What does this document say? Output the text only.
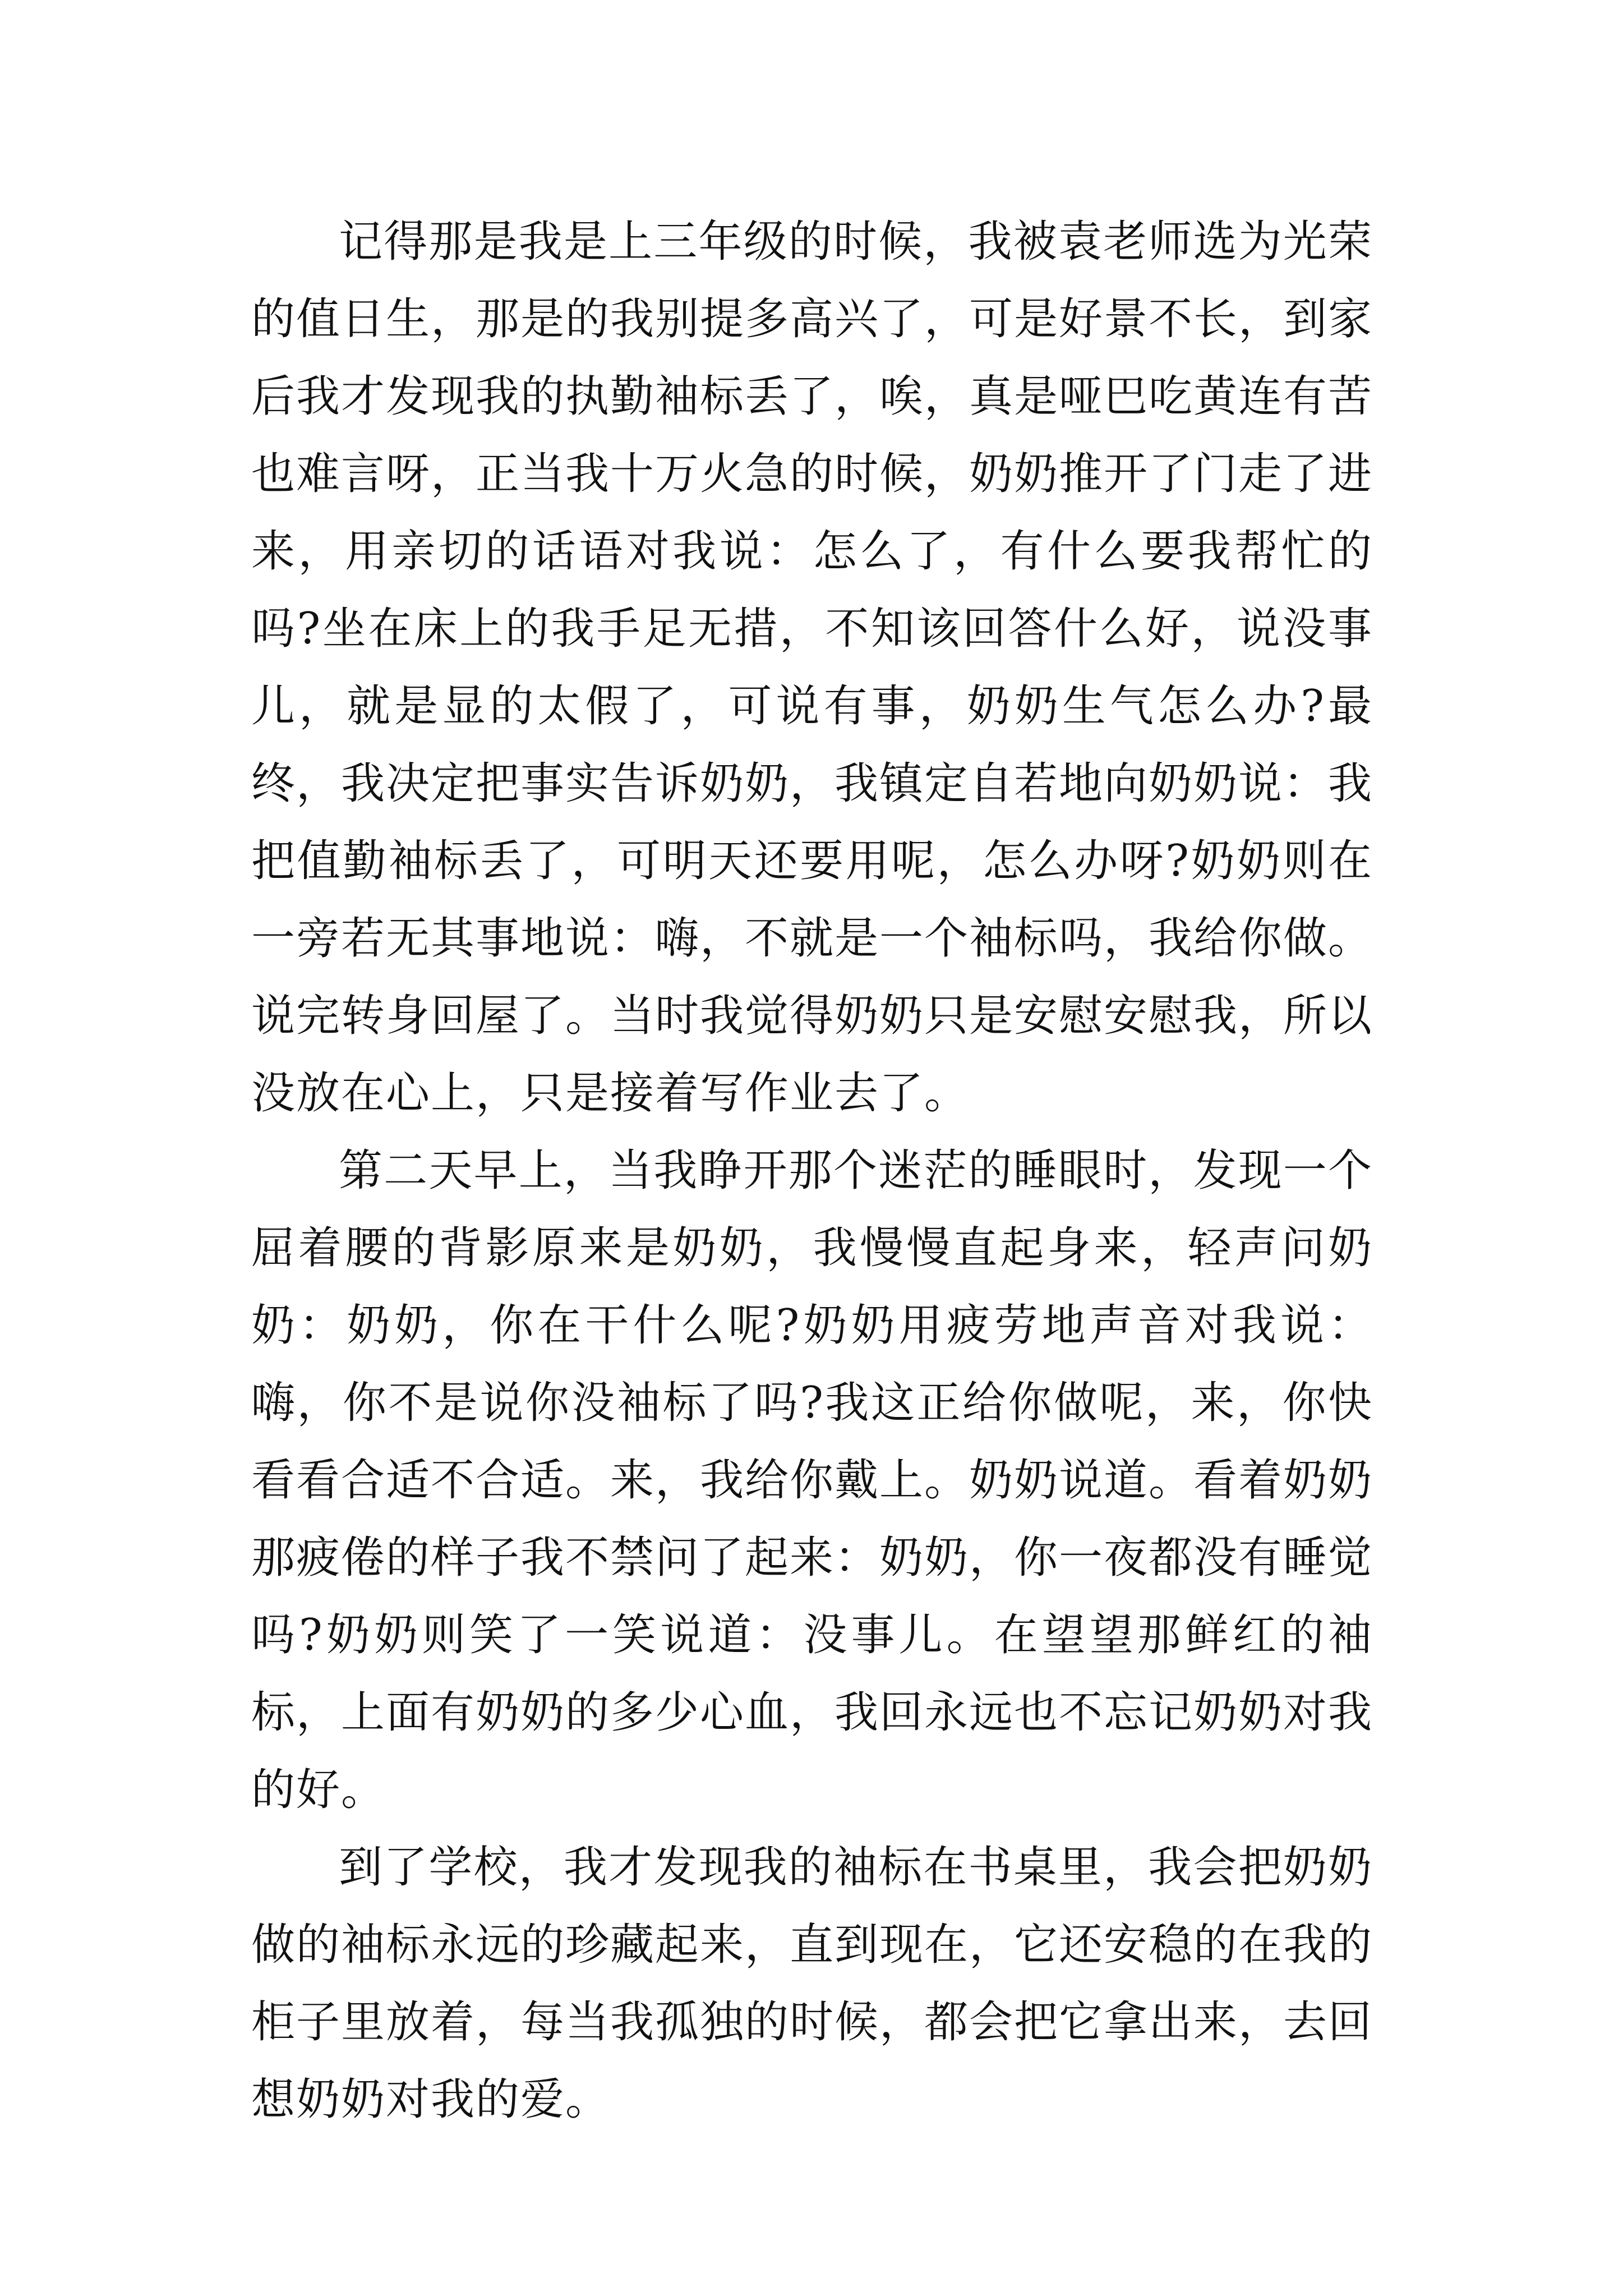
记得那是我是上三年级的时候，我被袁老师选为光荣的值日生，那是的我别提多高兴了，可是好景不长，到家后我才发现我的执勤袖标丢了，唉，真是哑巴吃黄连有苦也难言呀，正当我十万火急的时候，奶奶推开了门走了进来，用亲切的话语对我说：怎么了，有什么要我帮忙的吗?坐在床上的我手足无措，不知该回答什么好，说没事儿，就是显的太假了，可说有事，奶奶生气怎么办?最终，我决定把事实告诉奶奶，我镇定自若地向奶奶说：我把值勤袖标丢了，可明天还要用呢，怎么办呀?奶奶则在一旁若无其事地说：嗨，不就是一个袖标吗，我给你做。说完转身回屋了。当时我觉得奶奶只是安慰安慰我，所以没放在心上，只是接着写作业去了。

第二天早上，当我睁开那个迷茫的睡眼时，发现一个屈着腰的背影原来是奶奶，我慢慢直起身来，轻声问奶奶：奶奶，你在干什么呢?奶奶用疲劳地声音对我说：嗨，你不是说你没袖标了吗?我这正给你做呢，来，你快看看合适不合适。来，我给你戴上。奶奶说道。看着奶奶那疲倦的样子我不禁问了起来：奶奶，你一夜都没有睡觉吗?奶奶则笑了一笑说道：没事儿。在望望那鲜红的袖标，上面有奶奶的多少心血，我回永远也不忘记奶奶对我的好。

到了学校，我才发现我的袖标在书桌里，我会把奶奶做的袖标永远的珍藏起来，直到现在，它还安稳的在我的柜子里放着，每当我孤独的时候，都会把它拿出来，去回想奶奶对我的爱。
